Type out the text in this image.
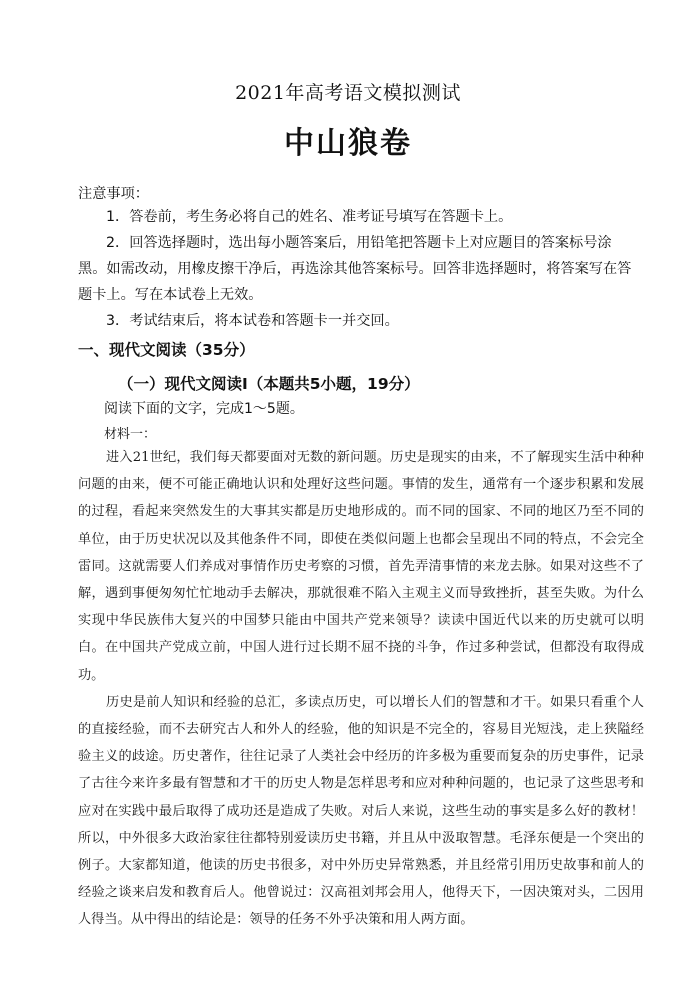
2021年高考语文模拟测试
中山狼卷
注意事项：

1．答卷前，考生务必将自己的姓名、准考证号填写在答题卡上。

2．回答选择题时，选出每小题答案后，用铅笔把答题卡上对应题目的答案标号涂黑。如需改动，用橡皮擦干净后，再选涂其他答案标号。回答非选择题时，将答案写在答题卡上。写在本试卷上无效。

3．考试结束后，将本试卷和答题卡一并交回。

一、现代文阅读（35分）
（一）现代文阅读Ⅰ（本题共5小题，19分）
阅读下面的文字，完成1～5题。
材料一：

进入21世纪，我们每天都要面对无数的新问题。历史是现实的由来，不了解现实生活中种种问题的由来，便不可能正确地认识和处理好这些问题。事情的发生，通常有一个逐步积累和发展的过程，看起来突然发生的大事其实都是历史地形成的。而不同的国家、不同的地区乃至不同的单位，由于历史状况以及其他条件不同，即使在类似问题上也都会呈现出不同的特点，不会完全雷同。这就需要人们养成对事情作历史考察的习惯，首先弄清事情的来龙去脉。如果对这些不了解，遇到事便匆匆忙忙地动手去解决，那就很难不陷入主观主义而导致挫折，甚至失败。为什么实现中华民族伟大复兴的中国梦只能由中国共产党来领导？读读中国近代以来的历史就可以明白。在中国共产党成立前，中国人进行过长期不屈不挠的斗争，作过多种尝试，但都没有取得成功。

历史是前人知识和经验的总汇，多读点历史，可以增长人们的智慧和才干。如果只看重个人的直接经验，而不去研究古人和外人的经验，他的知识是不完全的，容易目光短浅，走上狭隘经验主义的歧途。历史著作，往往记录了人类社会中经历的许多极为重要而复杂的历史事件，记录了古往今来许多最有智慧和才干的历史人物是怎样思考和应对种种问题的，也记录了这些思考和应对在实践中最后取得了成功还是造成了失败。对后人来说，这些生动的事实是多么好的教材！所以，中外很多大政治家往往都特别爱读历史书籍，并且从中汲取智慧。毛泽东便是一个突出的例子。大家都知道，他读的历史书很多，对中外历史异常熟悉，并且经常引用历史故事和前人的经验之谈来启发和教育后人。他曾说过：汉高祖刘邦会用人，他得天下，一因决策对头，二因用人得当。从中得出的结论是：领导的任务不外乎决策和用人两方面。
